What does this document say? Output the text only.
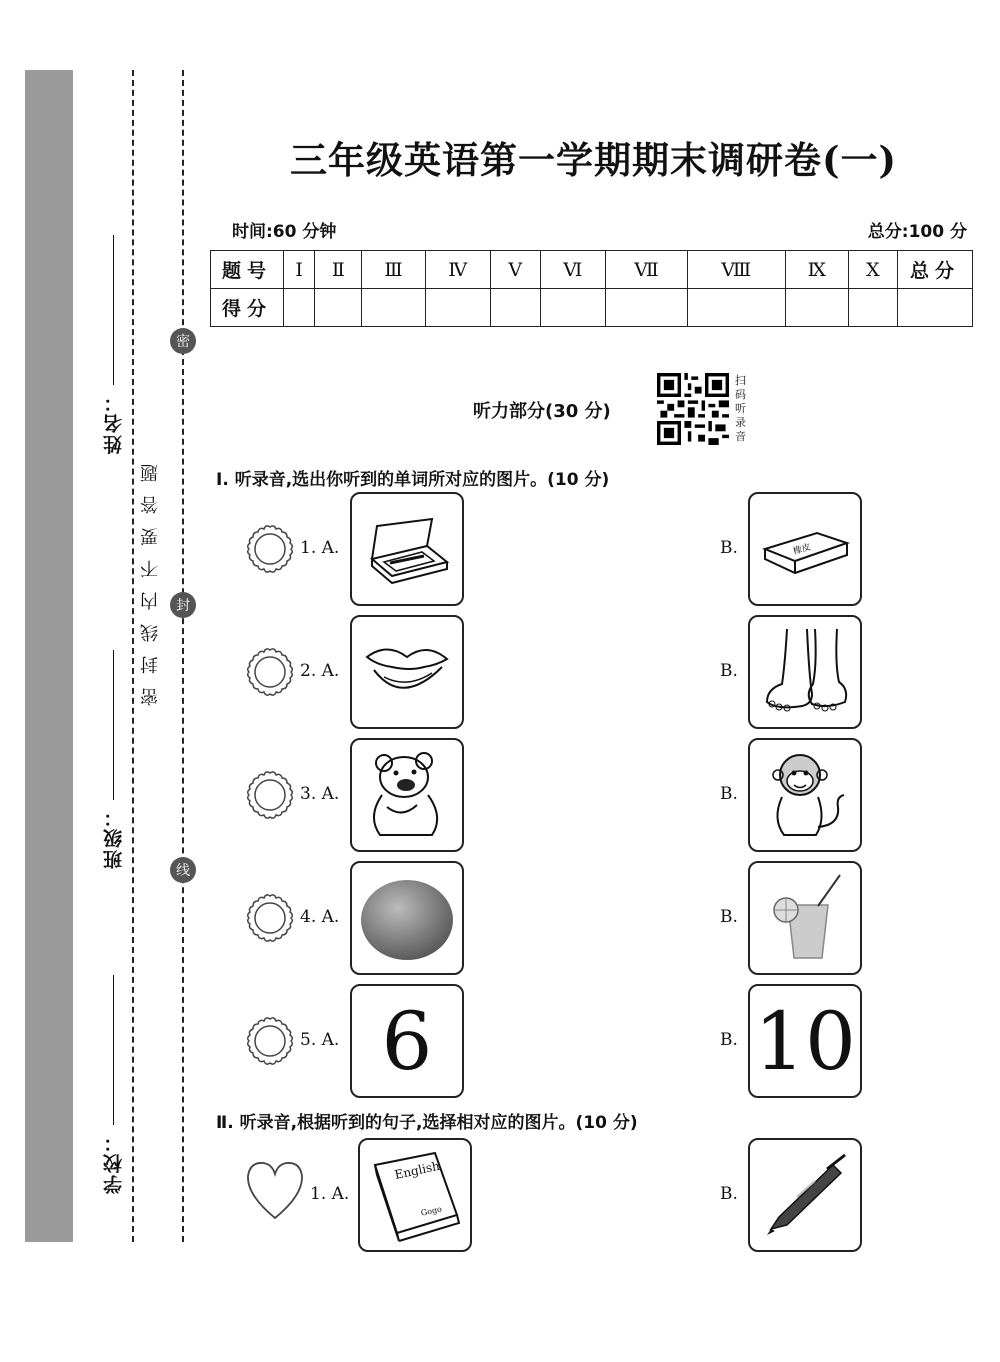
姓名：
班级：
学校：
密
封
线
密封线内不要答题
三年级英语第一学期期末调研卷(一)
时间:60 分钟	总分:100 分
题号	Ⅰ	Ⅱ	Ⅲ	Ⅳ	Ⅴ	Ⅵ	Ⅶ	Ⅷ	Ⅸ	Ⅹ	总分
得分											
听力部分(30 分)
扫码听录音
Ⅰ. 听录音,选出你听到的单词所对应的图片。(10 分)
1. A.	B.	橡皮
2. A.	B.
3. A.	B.
4. A.	B.
5. A. 6	B. 10
Ⅱ. 听录音,根据听到的句子,选择相对应的图片。(10 分)
1. A.
English
Gogo
B.
